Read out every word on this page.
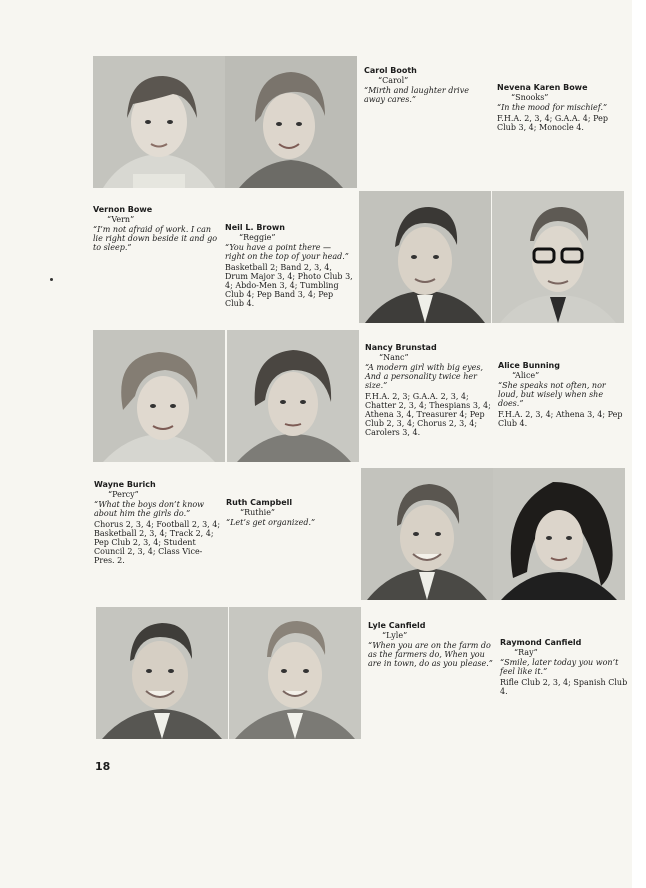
Carol Booth
“Carol”
“Mirth and laughter drive away cares.”
Nevena Karen Bowe
“Snooks”
“In the mood for mischief.”
F.H.A. 2, 3, 4; G.A.A. 4; Pep Club 3, 4; Monocle 4.
Vernon Bowe
“Vern”
“I’m not afraid of work. I can lie right down beside it and go to sleep.”
Neil L. Brown
“Reggie”
“You have a point there — right on the top of your head.”
Basketball 2; Band 2, 3, 4, Drum Major 3, 4; Photo Club 3, 4; Abdo-Men 3, 4; Tumbling Club 4; Pep Band 3, 4; Pep Club 4.
Nancy Brunstad
“Nanc”
“A modern girl with big eyes, And a personality twice her size.”
F.H.A. 2, 3; G.A.A. 2, 3, 4; Chatter 2, 3, 4; Thespians 3, 4; Athena 3, 4, Treasurer 4; Pep Club 2, 3, 4; Chorus 2, 3, 4; Carolers 3, 4.
Alice Bunning
“Alice”
“She speaks not often, nor loud, but wisely when she does.”
F.H.A. 2, 3, 4; Athena 3, 4; Pep Club 4.
Wayne Burich
“Percy”
“What the boys don’t know about him the girls do.”
Chorus 2, 3, 4; Football 2, 3, 4; Basketball 2, 3, 4; Track 2, 4; Pep Club 2, 3, 4; Student Council 2, 3, 4; Class Vice-Pres. 2.
Ruth Campbell
“Ruthie”
“Let’s get organized.”
Lyle Canfield
“Lyle”
“When you are on the farm do as the farmers do, When you are in town, do as you please.”
Raymond Canfield
“Ray”
“Smile, later today you won’t feel like it.”
Rifle Club 2, 3, 4; Spanish Club 4.
18
